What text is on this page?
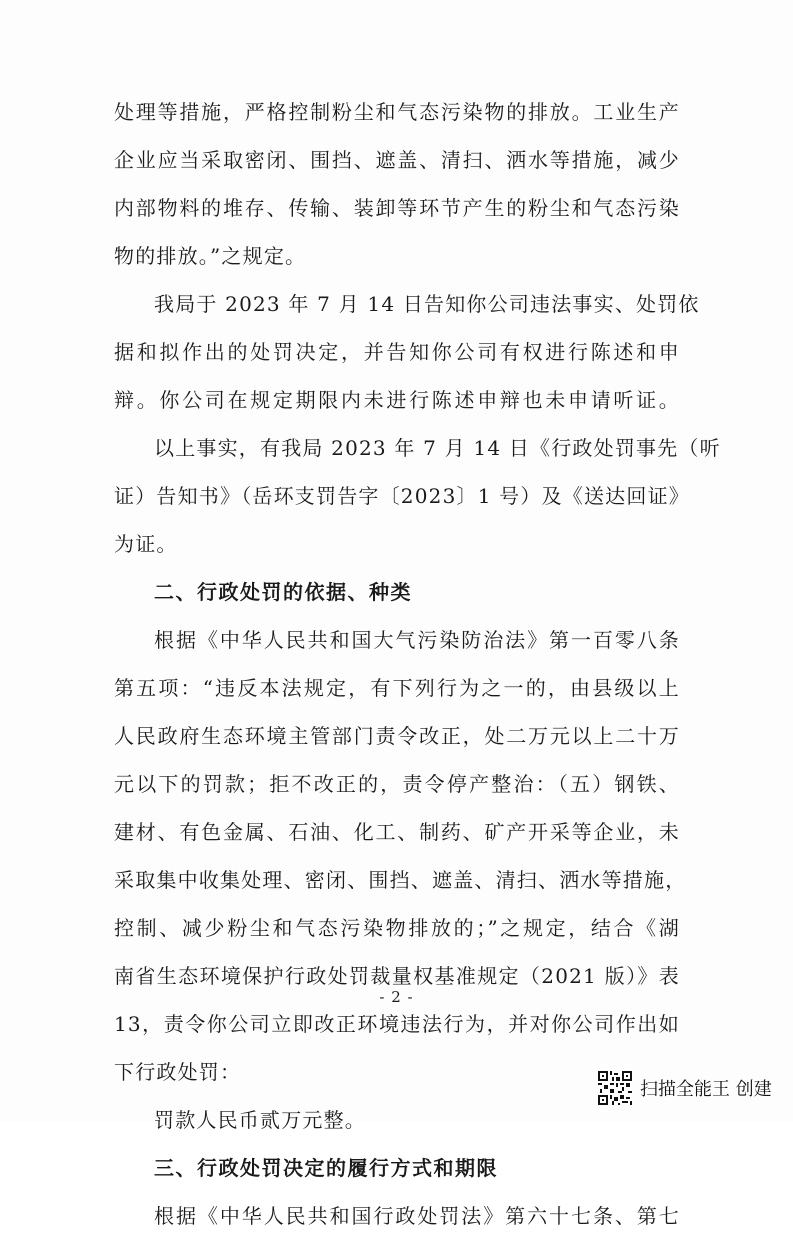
处理等措施，严格控制粉尘和气态污染物的排放。工业生产
企业应当采取密闭、围挡、遮盖、清扫、洒水等措施，减少
内部物料的堆存、传输、装卸等环节产生的粉尘和气态污染
物的排放。”之规定。
我局于 2023 年 7 月 14 日告知你公司违法事实、处罚依
据和拟作出的处罚决定，并告知你公司有权进行陈述和申
辩。你公司在规定期限内未进行陈述申辩也未申请听证。
以上事实，有我局 2023 年 7 月 14 日《行政处罚事先（听
证）告知书》（岳环支罚告字〔2023〕1 号）及《送达回证》
为证。
二、行政处罚的依据、种类
根据《中华人民共和国大气污染防治法》第一百零八条
第五项：“违反本法规定，有下列行为之一的，由县级以上
人民政府生态环境主管部门责令改正，处二万元以上二十万
元以下的罚款；拒不改正的，责令停产整治：（五）钢铁、
建材、有色金属、石油、化工、制药、矿产开采等企业，未
采取集中收集处理、密闭、围挡、遮盖、清扫、洒水等措施，
控制、减少粉尘和气态污染物排放的；”之规定，结合《湖
南省生态环境保护行政处罚裁量权基准规定（2021 版）》表
13，责令你公司立即改正环境违法行为，并对你公司作出如
下行政处罚：
罚款人民币贰万元整。
三、行政处罚决定的履行方式和期限
根据《中华人民共和国行政处罚法》第六十七条、第七
- 2 -
扫描全能王 创建
